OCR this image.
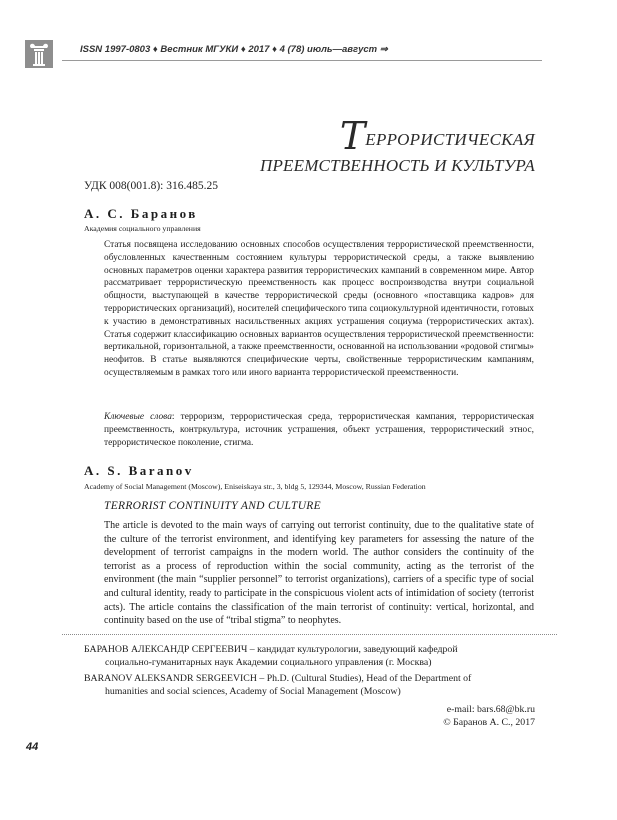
ISSN 1997-0803 ♦ Вестник МГУКИ ♦ 2017 ♦ 4 (78) июль—август ⇒
ТЕРРОРИСТИЧЕСКАЯ
ПРЕЕМСТВЕННОСТЬ И КУЛЬТУРА
УДК 008(001.8): 316.485.25
А. С. Баранов
Академия социального управления
Статья посвящена исследованию основных способов осуществления террористической преемственности, обусловленных качественным состоянием культуры террористической среды, а также выявлению основных параметров оценки характера развития террористических кампаний в современном мире. Автор рассматривает террористическую преемственность как процесс воспроизводства внутри социальной общности, выступающей в качестве террористической среды (основного «поставщика кадров» для террористических организаций), носителей специфического типа социокультурной идентичности, готовых к участию в демонстративных насильственных акциях устрашения социума (террористических актах). Статья содержит классификацию основных вариантов осуществления террористической преемственности: вертикальной, горизонтальной, а также преемственности, основанной на использовании «родовой стигмы» неофитов. В статье выявляются специфические черты, свойственные террористическим кампаниям, осуществляемым в рамках того или иного варианта террористической преемственности.
Ключевые слова: терроризм, террористическая среда, террористическая кампания, террористическая преемственность, контркультура, источник устрашения, объект устрашения, террористический этнос, террористическое поколение, стигма.
A. S. Baranov
Academy of Social Management (Moscow), Eniseiskaya str., 3, bldg 5, 129344, Moscow, Russian Federation
TERRORIST CONTINUITY AND CULTURE
The article is devoted to the main ways of carrying out terrorist continuity, due to the qualitative state of the culture of the terrorist environment, and identifying key parameters for assessing the nature of the development of terrorist campaigns in the modern world. The author considers the continuity of the terrorist as a process of reproduction within the social community, acting as the terrorist of the environment (the main “supplier personnel” to terrorist organizations), carriers of a specific type of social and cultural identity, ready to participate in the conspicuous violent acts of intimidation of society (terrorist acts). The article contains the classification of the main terrorist of continuity: vertical, horizontal, and continuity based on the use of “tribal stigma” to neophytes.
БАРАНОВ АЛЕКСАНДР СЕРГЕЕВИЧ – кандидат культурологии, заведующий кафедрой
социально-гуманитарных наук Академии социального управления (г. Москва)
BARANOV ALEKSANDR SERGEEVICH – Ph.D. (Cultural Studies), Head of the Department of
humanities and social sciences, Academy of Social Management (Moscow)
e-mail: bars.68@bk.ru
© Баранов А. С., 2017
44
